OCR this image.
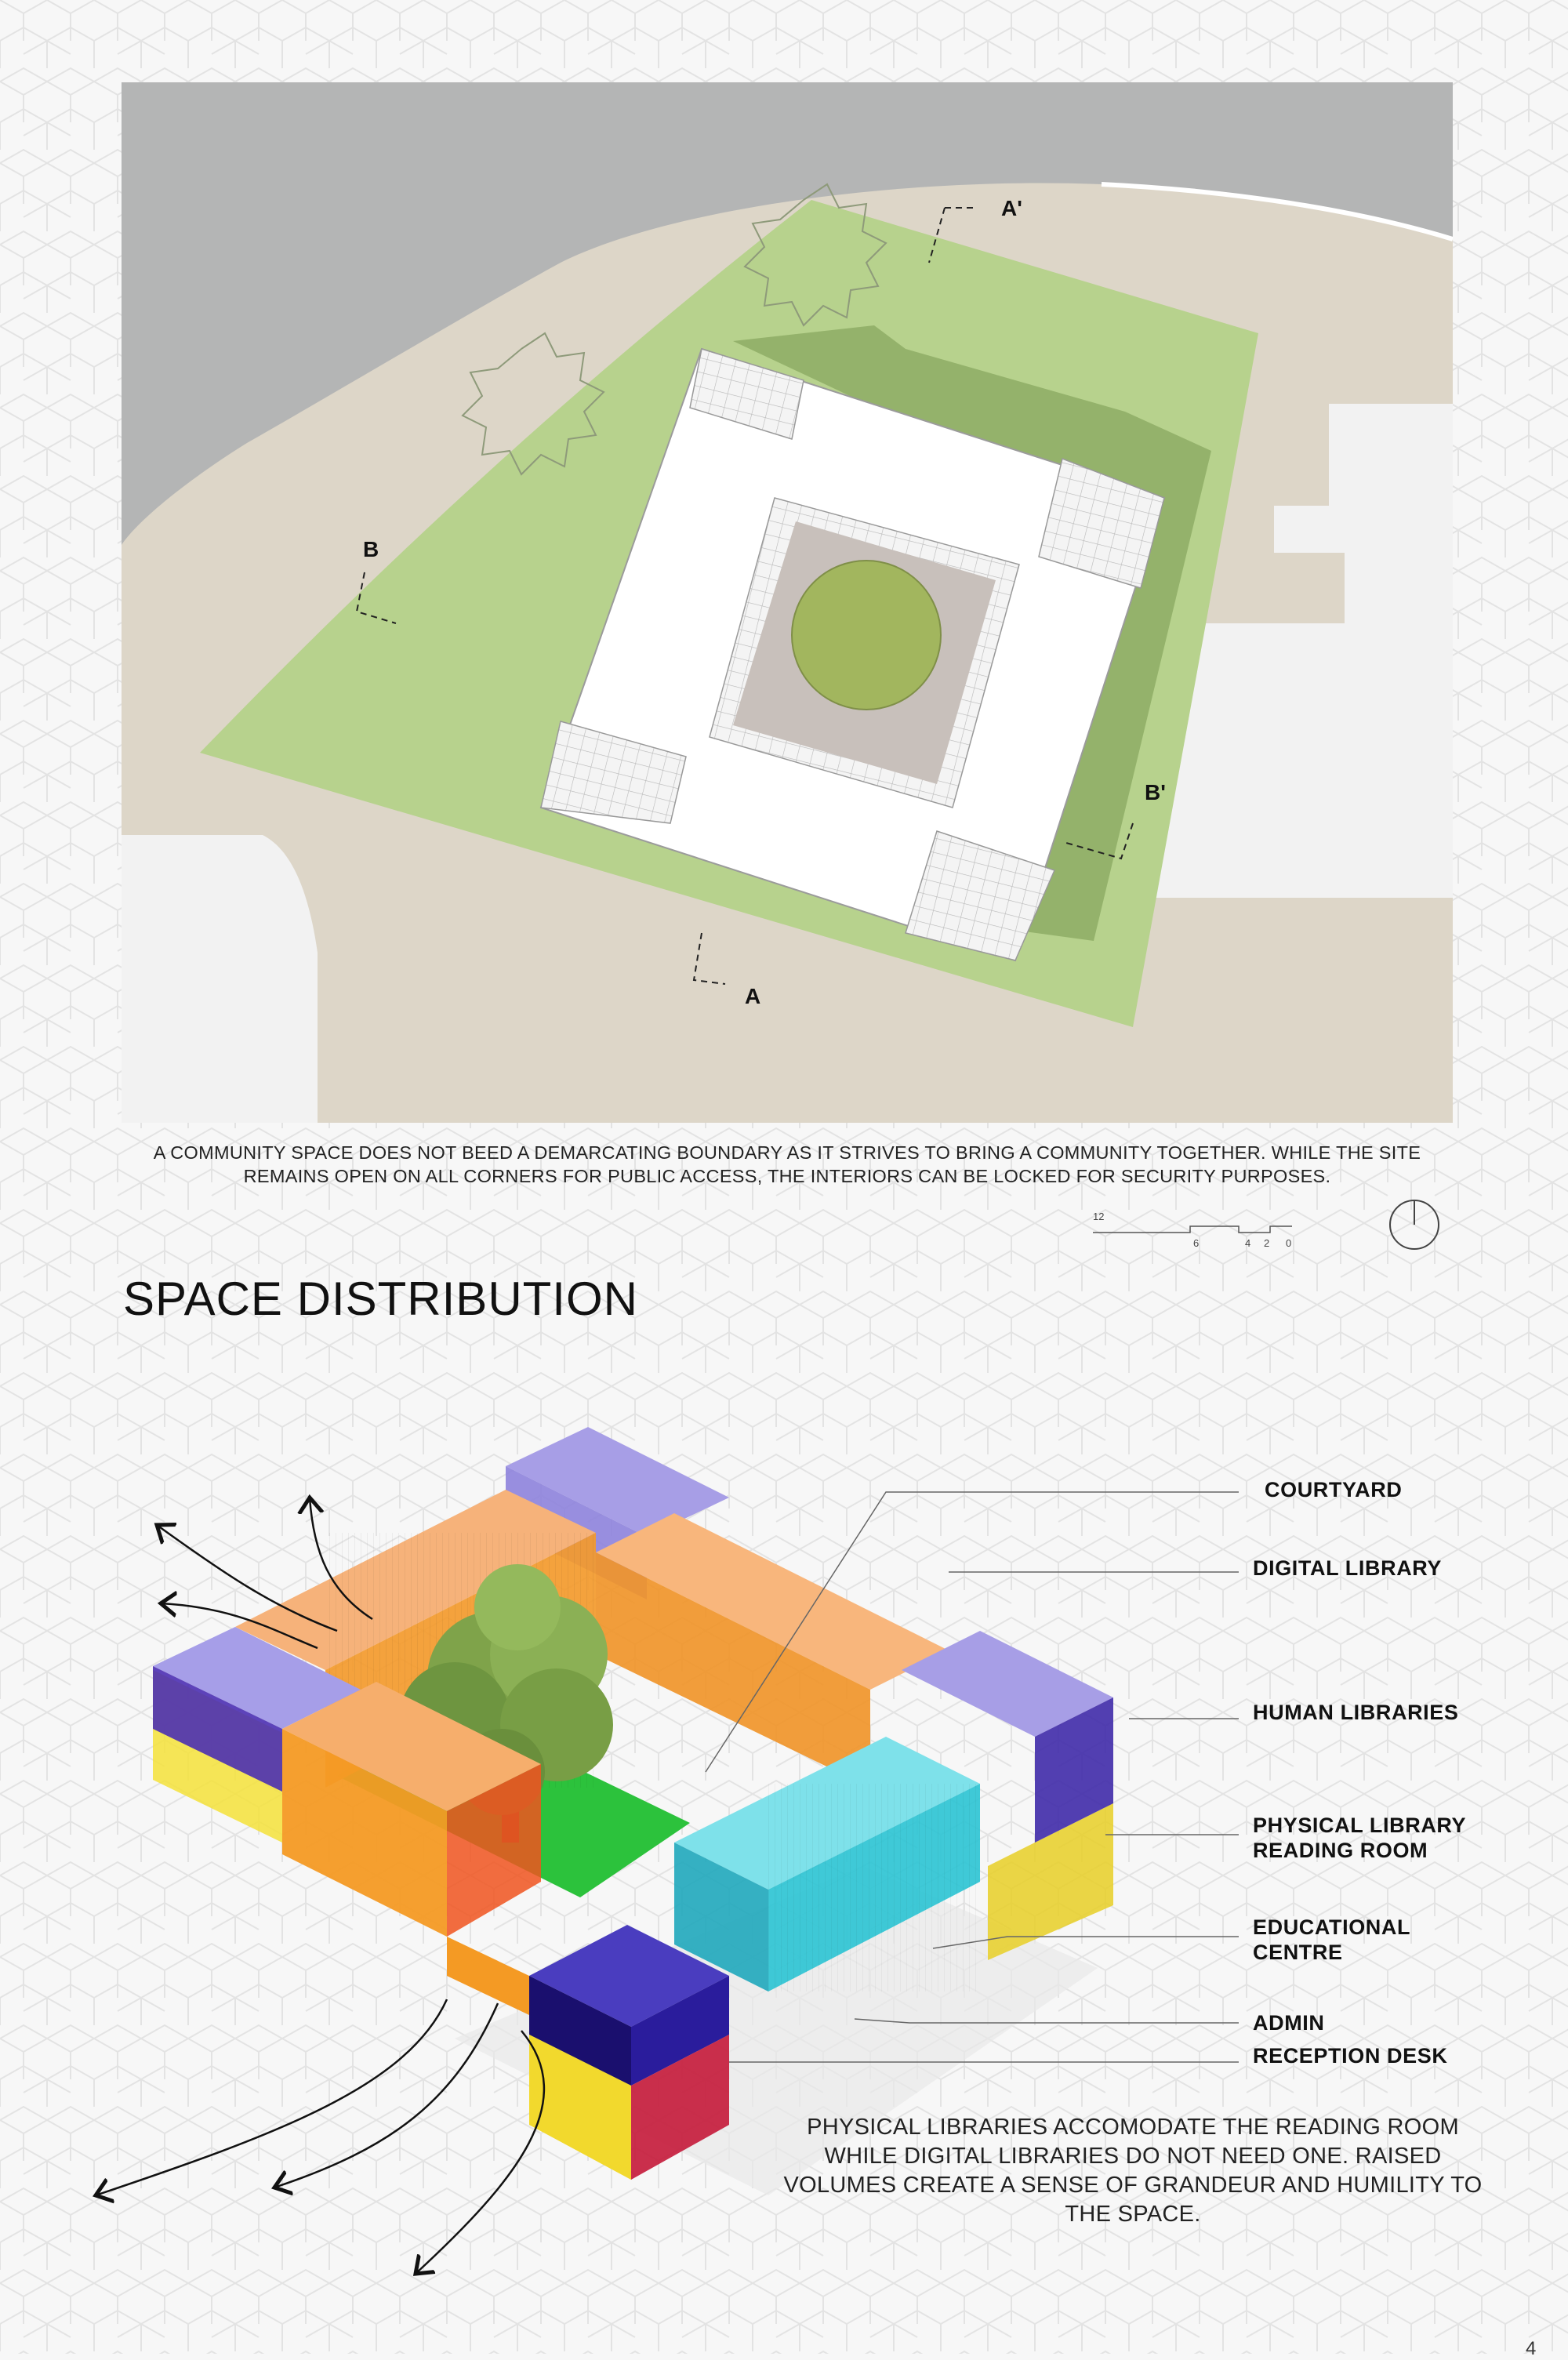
A'
A
B
B'
A COMMUNITY SPACE DOES NOT BEED A DEMARCATING BOUNDARY AS IT STRIVES TO BRING A COMMUNITY TOGETHER. WHILE THE SITE
REMAINS OPEN ON ALL CORNERS FOR PUBLIC ACCESS, THE INTERIORS CAN BE LOCKED FOR SECURITY PURPOSES.
12
6	4 2 0
SPACE DISTRIBUTION
COURTYARD
DIGITAL LIBRARY
HUMAN LIBRARIES
PHYSICAL LIBRARY
READING ROOM
EDUCATIONAL
CENTRE
ADMIN
RECEPTION DESK
PHYSICAL LIBRARIES ACCOMODATE THE READING ROOM WHILE DIGITAL LIBRARIES DO NOT NEED ONE. RAISED VOLUMES CREATE A SENSE OF GRANDEUR AND HUMILITY TO THE SPACE.
4
